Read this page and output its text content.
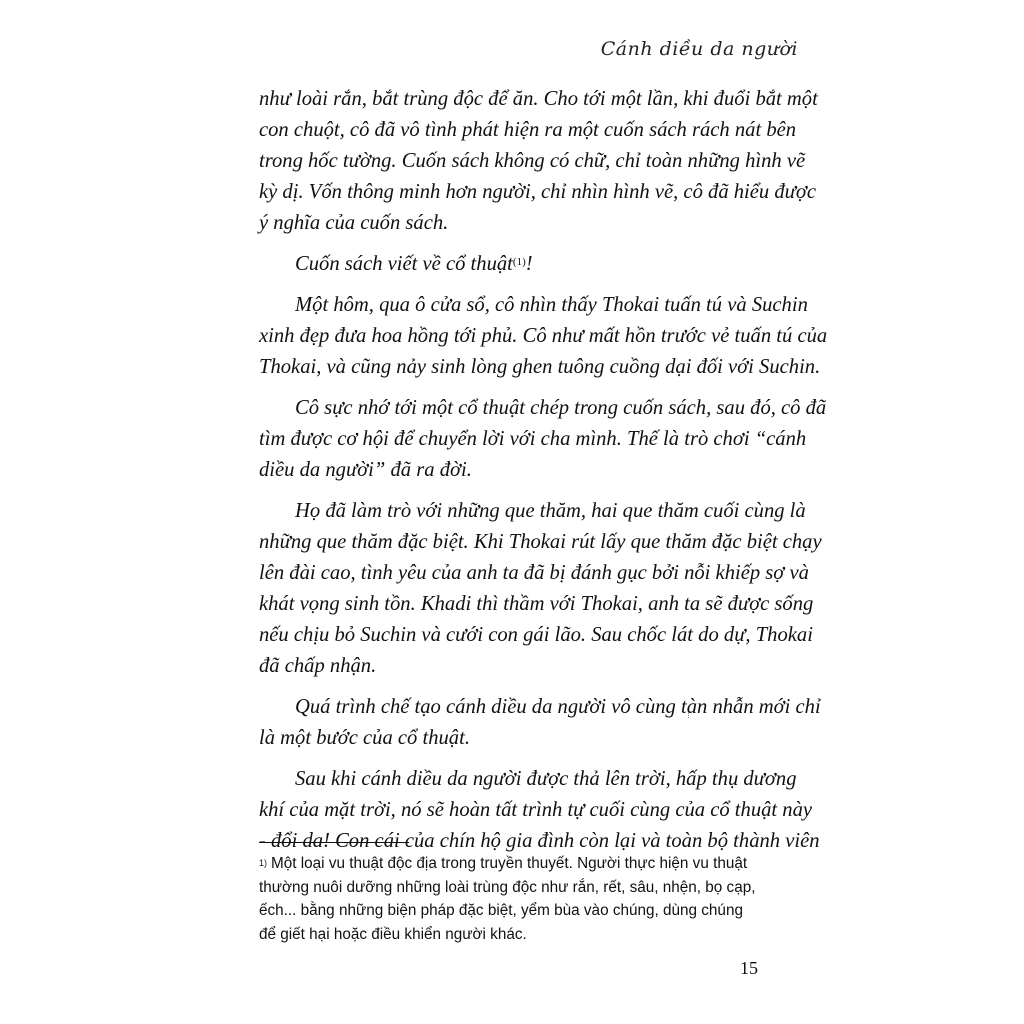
Cánh diều da người

như loài rắn, bắt trùng độc để ăn. Cho tới một lần, khi đuổi bắt một
con chuột, cô đã vô tình phát hiện ra một cuốn sách rách nát bên
trong hốc tường. Cuốn sách không có chữ, chỉ toàn những hình vẽ
kỳ dị. Vốn thông minh hơn người, chỉ nhìn hình vẽ, cô đã hiểu được
ý nghĩa của cuốn sách.

Cuốn sách viết về cổ thuật$^{(1)}$!

Một hôm, qua ô cửa sổ, cô nhìn thấy Thokai tuấn tú và Suchin
xinh đẹp đưa hoa hồng tới phủ. Cô như mất hồn trước vẻ tuấn tú của
Thokai, và cũng nảy sinh lòng ghen tuông cuồng dại đối với Suchin.

Cô sực nhớ tới một cổ thuật chép trong cuốn sách, sau đó, cô đã
tìm được cơ hội để chuyển lời với cha mình. Thế là trò chơi “cánh
diều da người” đã ra đời.

Họ đã làm trò với những que thăm, hai que thăm cuối cùng là
những que thăm đặc biệt. Khi Thokai rút lấy que thăm đặc biệt chạy
lên đài cao, tình yêu của anh ta đã bị đánh gục bởi nỗi khiếp sợ và
khát vọng sinh tồn. Khadi thì thầm với Thokai, anh ta sẽ được sống
nếu chịu bỏ Suchin và cưới con gái lão. Sau chốc lát do dự, Thokai
đã chấp nhận.

Quá trình chế tạo cánh diều da người vô cùng tàn nhẫn mới chỉ
là một bước của cổ thuật.

Sau khi cánh diều da người được thả lên trời, hấp thụ dương
khí của mặt trời, nó sẽ hoàn tất trình tự cuối cùng của cổ thuật này
- đổi da! Con cái của chín hộ gia đình còn lại và toàn bộ thành viên

$^{1)}$ Một loại vu thuật độc địa trong truyền thuyết. Người thực hiện vu thuật
thường nuôi dưỡng những loài trùng độc như rắn, rết, sâu, nhện, bọ cạp,
ếch... bằng những biện pháp đặc biệt, yểm bùa vào chúng, dùng chúng
để giết hại hoặc điều khiển người khác.
15
